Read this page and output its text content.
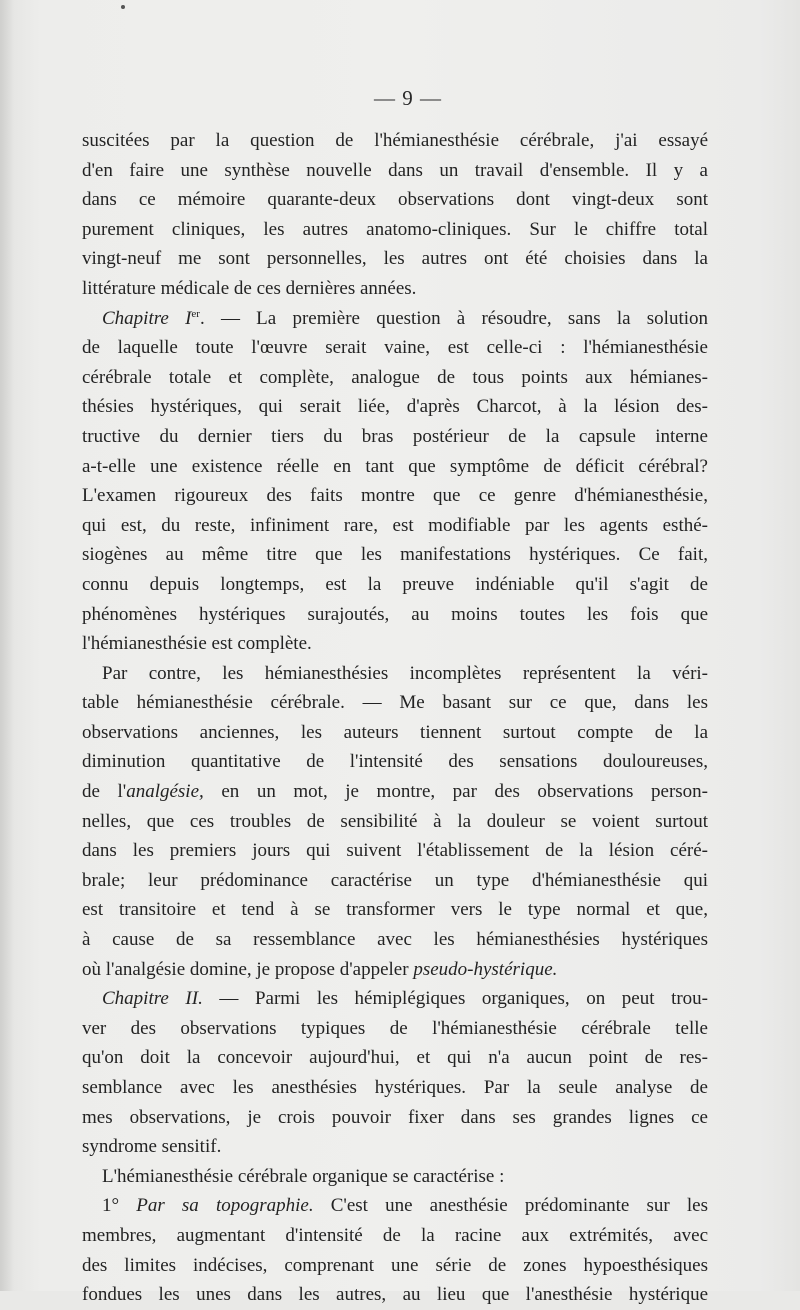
— 9 —
suscitées par la question de l'hémianesthésie cérébrale, j'ai essayé
d'en faire une synthèse nouvelle dans un travail d'ensemble. Il y a
dans ce mémoire quarante-deux observations dont vingt-deux sont
purement cliniques, les autres anatomo-cliniques. Sur le chiffre total
vingt-neuf me sont personnelles, les autres ont été choisies dans la
littérature médicale de ces dernières années.
Chapitre Ier. — La première question à résoudre, sans la solution
de laquelle toute l'œuvre serait vaine, est celle-ci : l'hémianesthésie
cérébrale totale et complète, analogue de tous points aux hémianes-
thésies hystériques, qui serait liée, d'après Charcot, à la lésion des-
tructive du dernier tiers du bras postérieur de la capsule interne
a-t-elle une existence réelle en tant que symptôme de déficit cérébral?
L'examen rigoureux des faits montre que ce genre d'hémianesthésie,
qui est, du reste, infiniment rare, est modifiable par les agents esthé-
siogènes au même titre que les manifestations hystériques. Ce fait,
connu depuis longtemps, est la preuve indéniable qu'il s'agit de
phénomènes hystériques surajoutés, au moins toutes les fois que
l'hémianesthésie est complète.
Par contre, les hémianesthésies incomplètes représentent la véri-
table hémianesthésie cérébrale. — Me basant sur ce que, dans les
observations anciennes, les auteurs tiennent surtout compte de la
diminution quantitative de l'intensité des sensations douloureuses,
de l'analgésie, en un mot, je montre, par des observations person-
nelles, que ces troubles de sensibilité à la douleur se voient surtout
dans les premiers jours qui suivent l'établissement de la lésion céré-
brale; leur prédominance caractérise un type d'hémianesthésie qui
est transitoire et tend à se transformer vers le type normal et que,
à cause de sa ressemblance avec les hémianesthésies hystériques
où l'analgésie domine, je propose d'appeler pseudo-hystérique.
Chapitre II. — Parmi les hémiplégiques organiques, on peut trou-
ver des observations typiques de l'hémianesthésie cérébrale telle
qu'on doit la concevoir aujourd'hui, et qui n'a aucun point de res-
semblance avec les anesthésies hystériques. Par la seule analyse de
mes observations, je crois pouvoir fixer dans ses grandes lignes ce
syndrome sensitif.
L'hémianesthésie cérébrale organique se caractérise :
1° Par sa topographie. C'est une anesthésie prédominante sur les
membres, augmentant d'intensité de la racine aux extrémités, avec
des limites indécises, comprenant une série de zones hypoesthésiques
fondues les unes dans les autres, au lieu que l'anesthésie hystérique
